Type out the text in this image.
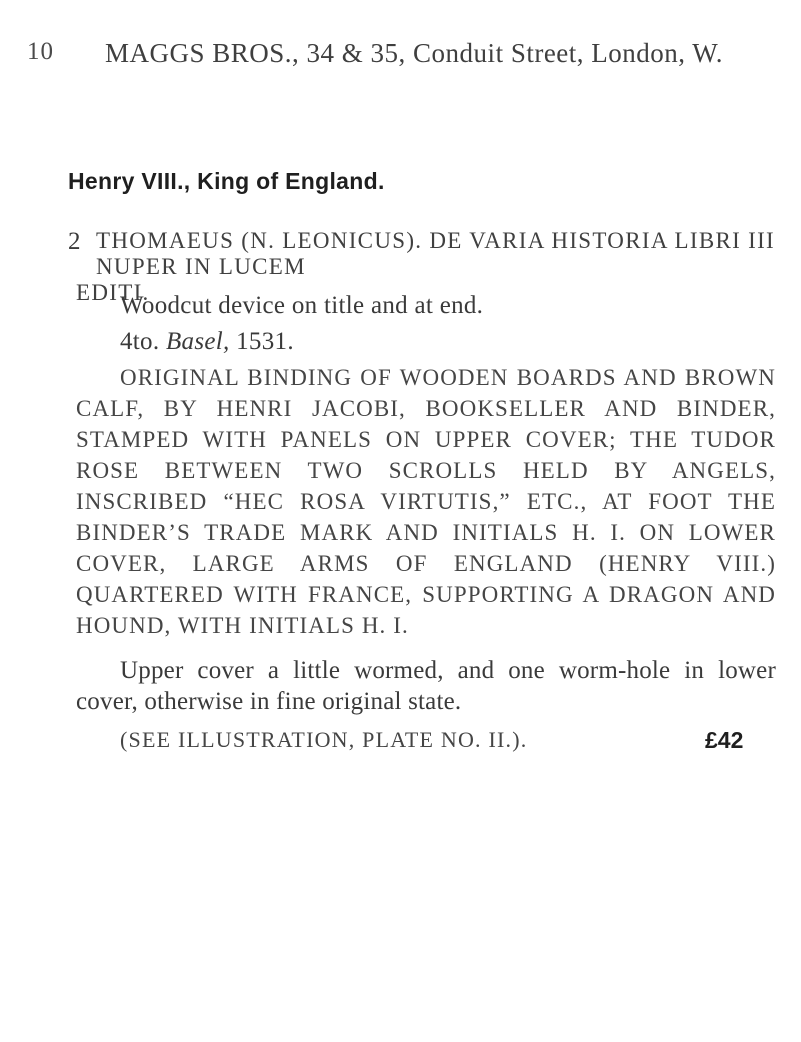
10 MAGGS BROS., 34 & 35, Conduit Street, London, W.
Henry VIII., King of England.
2 THOMAEUS (N. LEONICUS). DE VARIA HISTORIA LIBRI III NUPER IN LUCEM
EDITI.
Woodcut device on title and at end.
4to. Basel, 1531.
ORIGINAL BINDING OF WOODEN BOARDS AND BROWN CALF, BY HENRI JACOBI, BOOKSELLER AND BINDER, STAMPED WITH PANELS ON UPPER COVER; THE TUDOR ROSE BETWEEN TWO SCROLLS HELD BY ANGELS, INSCRIBED “HEC ROSA VIRTUTIS,” ETC., AT FOOT THE BINDER’S TRADE MARK AND INITIALS H. I. ON LOWER COVER, LARGE ARMS OF ENGLAND (HENRY VIII.) QUARTERED WITH FRANCE, SUPPORTING A DRAGON AND HOUND, WITH INITIALS H. I.
Upper cover a little wormed, and one worm-hole in lower cover, otherwise in fine original state.
(SEE ILLUSTRATION, PLATE NO. II.).	£42
